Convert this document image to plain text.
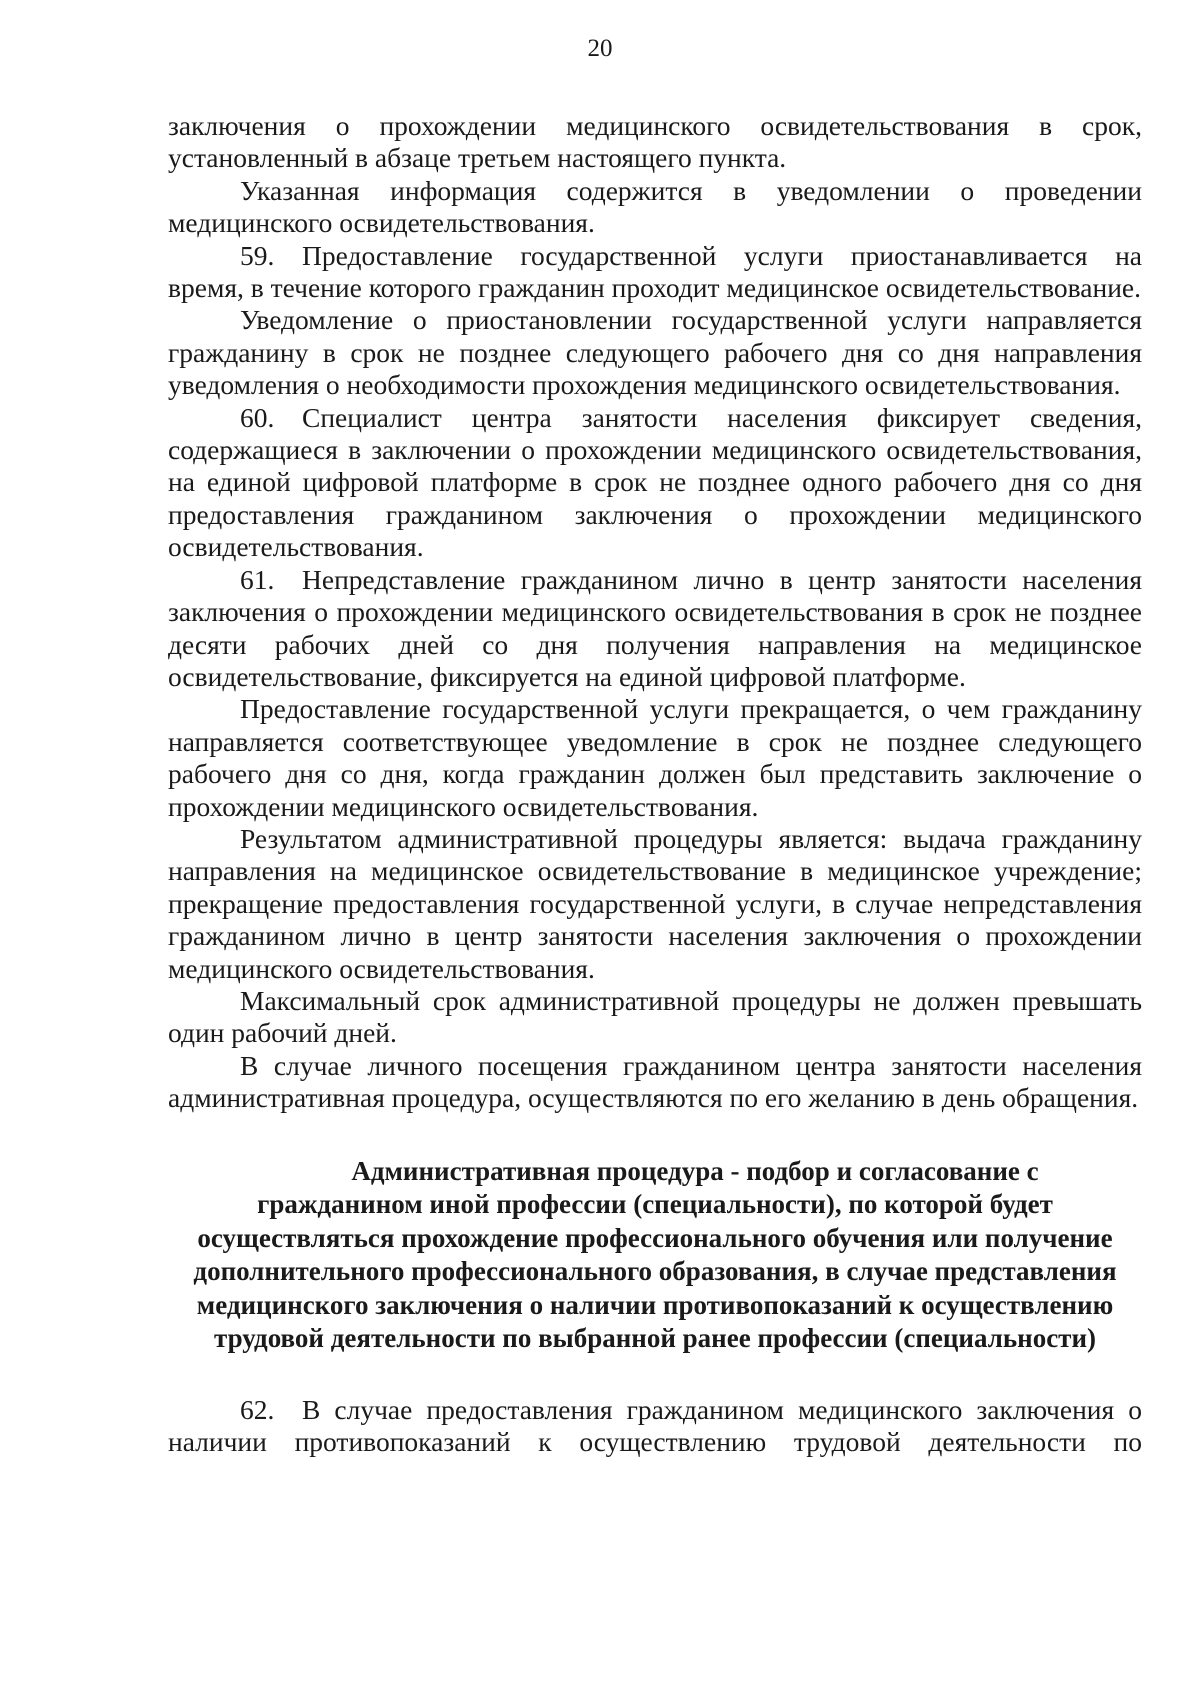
20

заключения о прохождении медицинского освидетельствования в срок, установленный в абзаце третьем настоящего пункта.

Указанная информация содержится в уведомлении о проведении медицинского освидетельствования.

59. Предоставление государственной услуги приостанавливается на время, в течение которого гражданин проходит медицинское освидетельствование.

Уведомление о приостановлении государственной услуги направляется гражданину в срок не позднее следующего рабочего дня со дня направления уведомления о необходимости прохождения медицинского освидетельствования.

60. Специалист центра занятости населения фиксирует сведения, содержащиеся в заключении о прохождении медицинского освидетельствования, на единой цифровой платформе в срок не позднее одного рабочего дня со дня предоставления гражданином заключения о прохождении медицинского освидетельствования.

61. Непредставление гражданином лично в центр занятости населения заключения о прохождении медицинского освидетельствования в срок не позднее десяти рабочих дней со дня получения направления на медицинское освидетельствование, фиксируется на единой цифровой платформе.

Предоставление государственной услуги прекращается, о чем гражданину направляется соответствующее уведомление в срок не позднее следующего рабочего дня со дня, когда гражданин должен был представить заключение о прохождении медицинского освидетельствования.

Результатом административной процедуры является: выдача гражданину направления на медицинское освидетельствование в медицинское учреждение; прекращение предоставления государственной услуги, в случае непредставления гражданином лично в центр занятости населения заключения о прохождении медицинского освидетельствования.

Максимальный срок административной процедуры не должен превышать один рабочий дней.

В случае личного посещения гражданином центра занятости населения административная процедура, осуществляются по его желанию в день обращения.

Административная процедура - подбор и согласование с
гражданином иной профессии (специальности), по которой будет
осуществляться прохождение профессионального обучения или получение
дополнительного профессионального образования, в случае представления
медицинского заключения о наличии противопоказаний к осуществлению
трудовой деятельности по выбранной ранее профессии (специальности)

62. В случае предоставления гражданином медицинского заключения о наличии противопоказаний к осуществлению трудовой деятельности по
